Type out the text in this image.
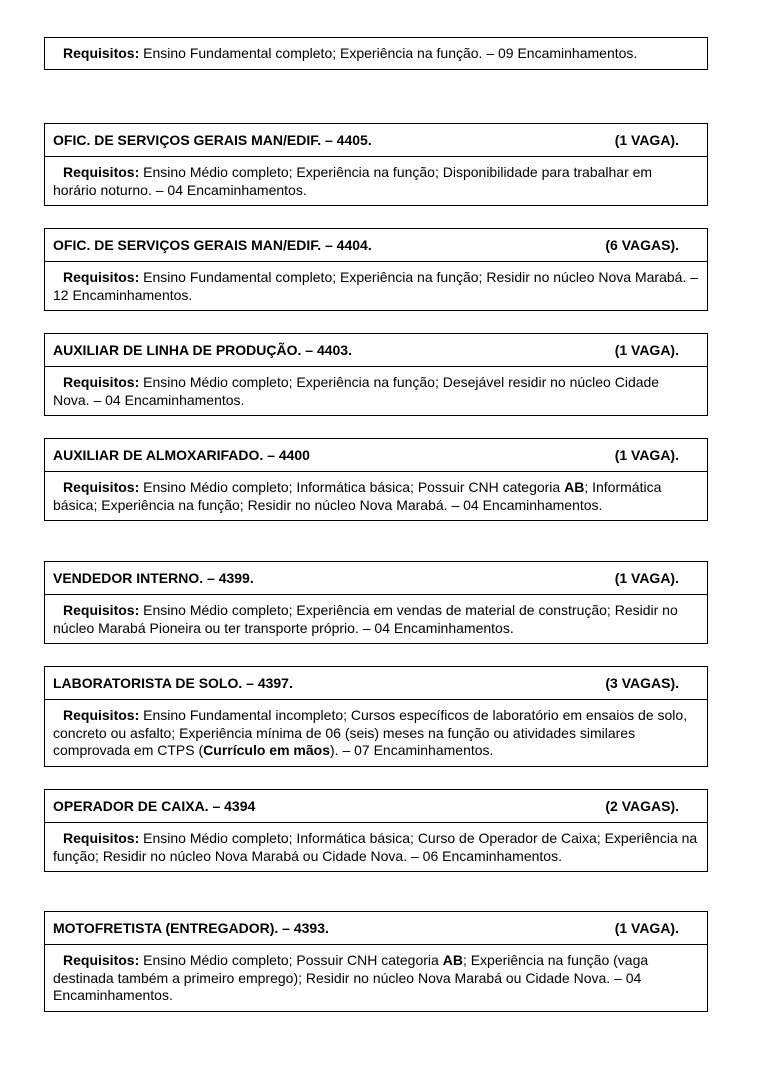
Requisitos: Ensino Fundamental completo; Experiência na função. – 09 Encaminhamentos.
OFIC. DE SERVIÇOS GERAIS MAN/EDIF. – 4405.	(1 VAGA).
Requisitos: Ensino Médio completo; Experiência na função; Disponibilidade para trabalhar em horário noturno. – 04 Encaminhamentos.
OFIC. DE SERVIÇOS GERAIS MAN/EDIF. – 4404.	(6 VAGAS).
Requisitos: Ensino Fundamental completo; Experiência na função; Residir no núcleo Nova Marabá. – 12 Encaminhamentos.
AUXILIAR DE LINHA DE PRODUÇÃO. – 4403.	(1 VAGA).
Requisitos: Ensino Médio completo; Experiência na função; Desejável residir no núcleo Cidade Nova. – 04 Encaminhamentos.
AUXILIAR DE ALMOXARIFADO. – 4400	(1 VAGA).
Requisitos: Ensino Médio completo; Informática básica; Possuir CNH categoria AB; Informática básica; Experiência na função; Residir no núcleo Nova Marabá. – 04 Encaminhamentos.
VENDEDOR INTERNO. – 4399.	(1 VAGA).
Requisitos: Ensino Médio completo; Experiência em vendas de material de construção; Residir no núcleo Marabá Pioneira ou ter transporte próprio. – 04 Encaminhamentos.
LABORATORISTA DE SOLO. – 4397.	(3 VAGAS).
Requisitos: Ensino Fundamental incompleto; Cursos específicos de laboratório em ensaios de solo, concreto ou asfalto; Experiência mínima de 06 (seis) meses na função ou atividades similares comprovada em CTPS (Currículo em mãos). – 07 Encaminhamentos.
OPERADOR DE CAIXA. – 4394	(2 VAGAS).
Requisitos: Ensino Médio completo; Informática básica; Curso de Operador de Caixa; Experiência na função; Residir no núcleo Nova Marabá ou Cidade Nova. – 06 Encaminhamentos.
MOTOFRETISTA (ENTREGADOR). – 4393.	(1 VAGA).
Requisitos: Ensino Médio completo; Possuir CNH categoria AB; Experiência na função (vaga destinada também a primeiro emprego); Residir no núcleo Nova Marabá ou Cidade Nova. – 04 Encaminhamentos.
